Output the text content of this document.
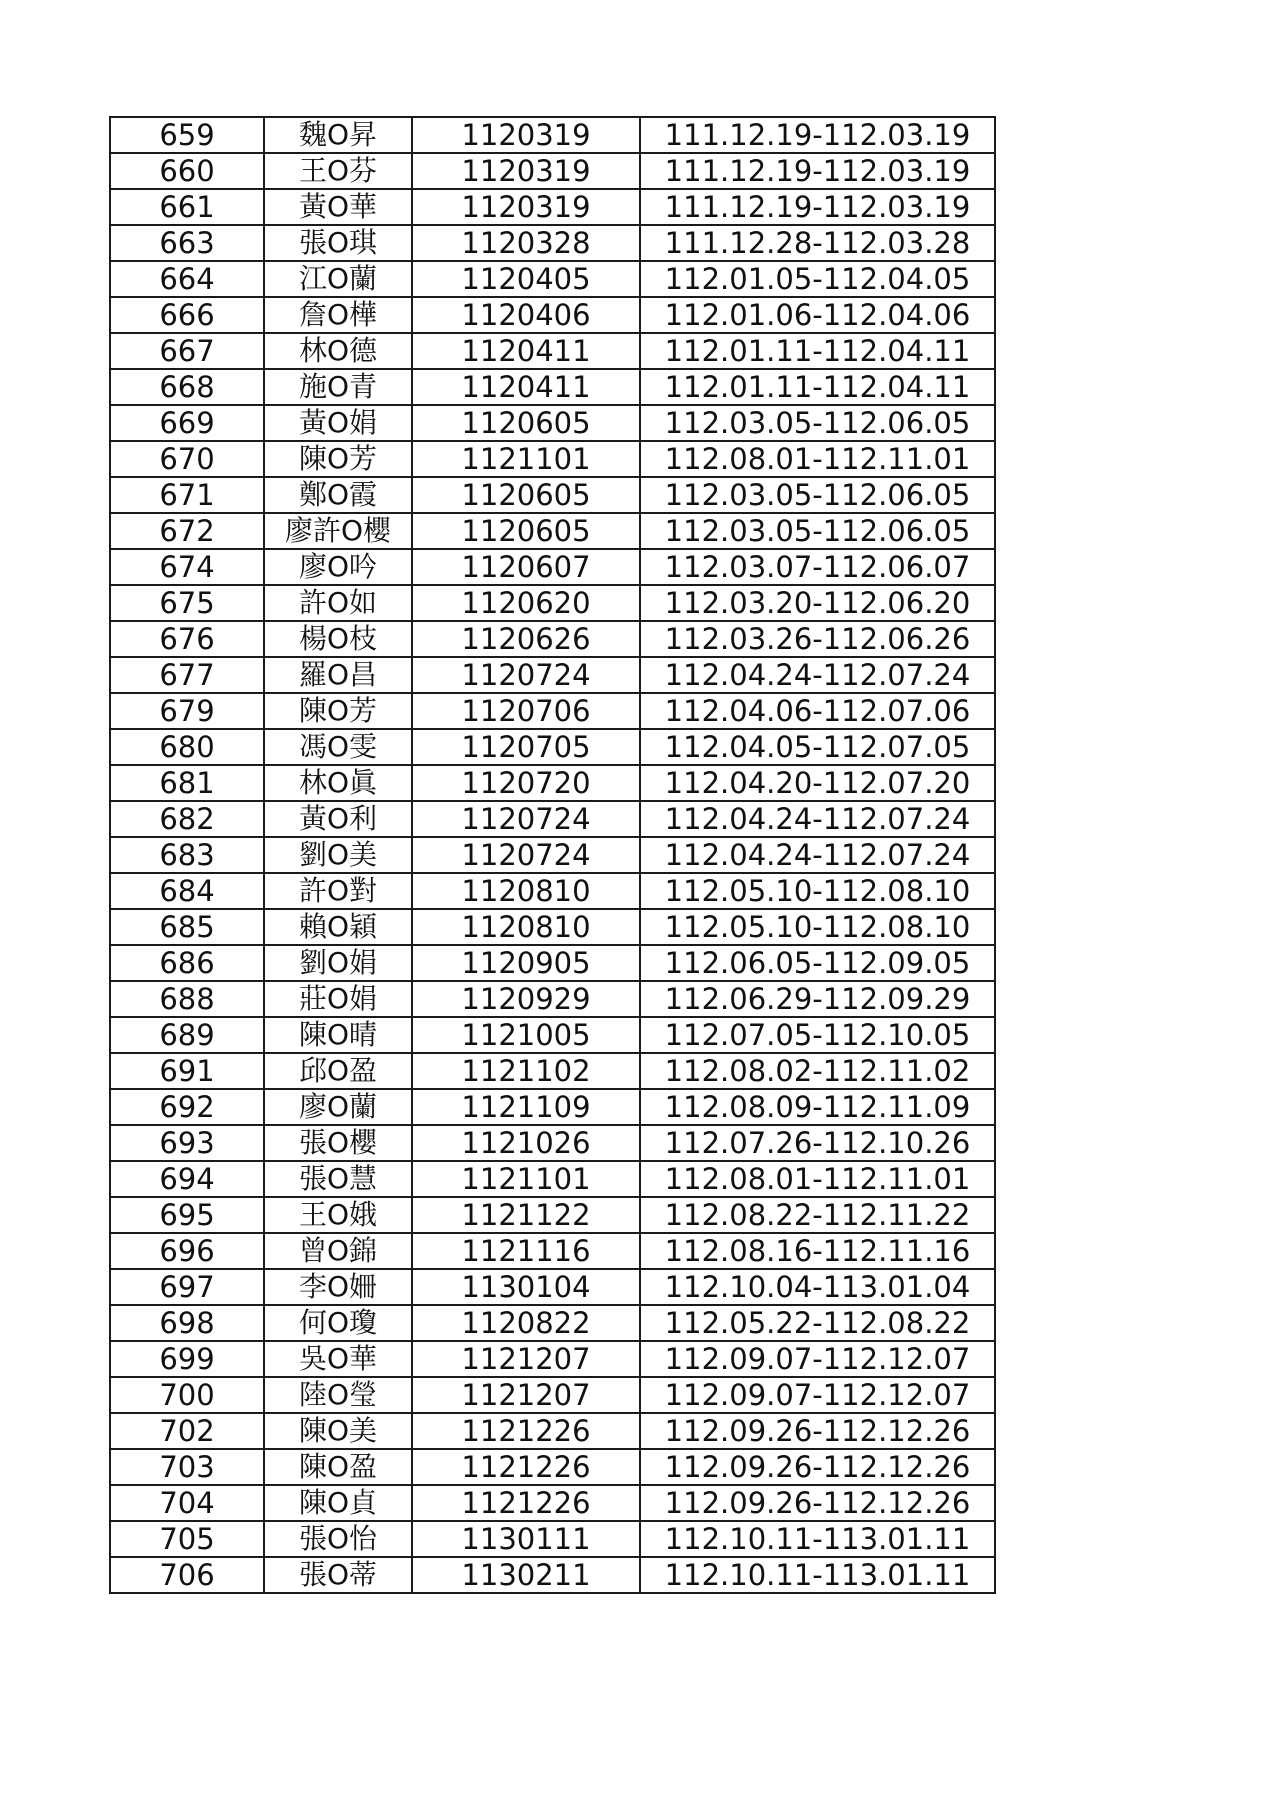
659	魏O昇	1120319	111.12.19-112.03.19
660	王O芬	1120319	111.12.19-112.03.19
661	黃O華	1120319	111.12.19-112.03.19
663	張O琪	1120328	111.12.28-112.03.28
664	江O蘭	1120405	112.01.05-112.04.05
666	詹O樺	1120406	112.01.06-112.04.06
667	林O德	1120411	112.01.11-112.04.11
668	施O青	1120411	112.01.11-112.04.11
669	黃O娟	1120605	112.03.05-112.06.05
670	陳O芳	1121101	112.08.01-112.11.01
671	鄭O霞	1120605	112.03.05-112.06.05
672	廖許O櫻	1120605	112.03.05-112.06.05
674	廖O吟	1120607	112.03.07-112.06.07
675	許O如	1120620	112.03.20-112.06.20
676	楊O枝	1120626	112.03.26-112.06.26
677	羅O昌	1120724	112.04.24-112.07.24
679	陳O芳	1120706	112.04.06-112.07.06
680	馮O雯	1120705	112.04.05-112.07.05
681	林O眞	1120720	112.04.20-112.07.20
682	黃O利	1120724	112.04.24-112.07.24
683	劉O美	1120724	112.04.24-112.07.24
684	許O對	1120810	112.05.10-112.08.10
685	賴O穎	1120810	112.05.10-112.08.10
686	劉O娟	1120905	112.06.05-112.09.05
688	莊O娟	1120929	112.06.29-112.09.29
689	陳O晴	1121005	112.07.05-112.10.05
691	邱O盈	1121102	112.08.02-112.11.02
692	廖O蘭	1121109	112.08.09-112.11.09
693	張O櫻	1121026	112.07.26-112.10.26
694	張O慧	1121101	112.08.01-112.11.01
695	王O娥	1121122	112.08.22-112.11.22
696	曾O錦	1121116	112.08.16-112.11.16
697	李O姍	1130104	112.10.04-113.01.04
698	何O瓊	1120822	112.05.22-112.08.22
699	吳O華	1121207	112.09.07-112.12.07
700	陸O瑩	1121207	112.09.07-112.12.07
702	陳O美	1121226	112.09.26-112.12.26
703	陳O盈	1121226	112.09.26-112.12.26
704	陳O貞	1121226	112.09.26-112.12.26
705	張O怡	1130111	112.10.11-113.01.11
706	張O蒂	1130211	112.10.11-113.01.11
